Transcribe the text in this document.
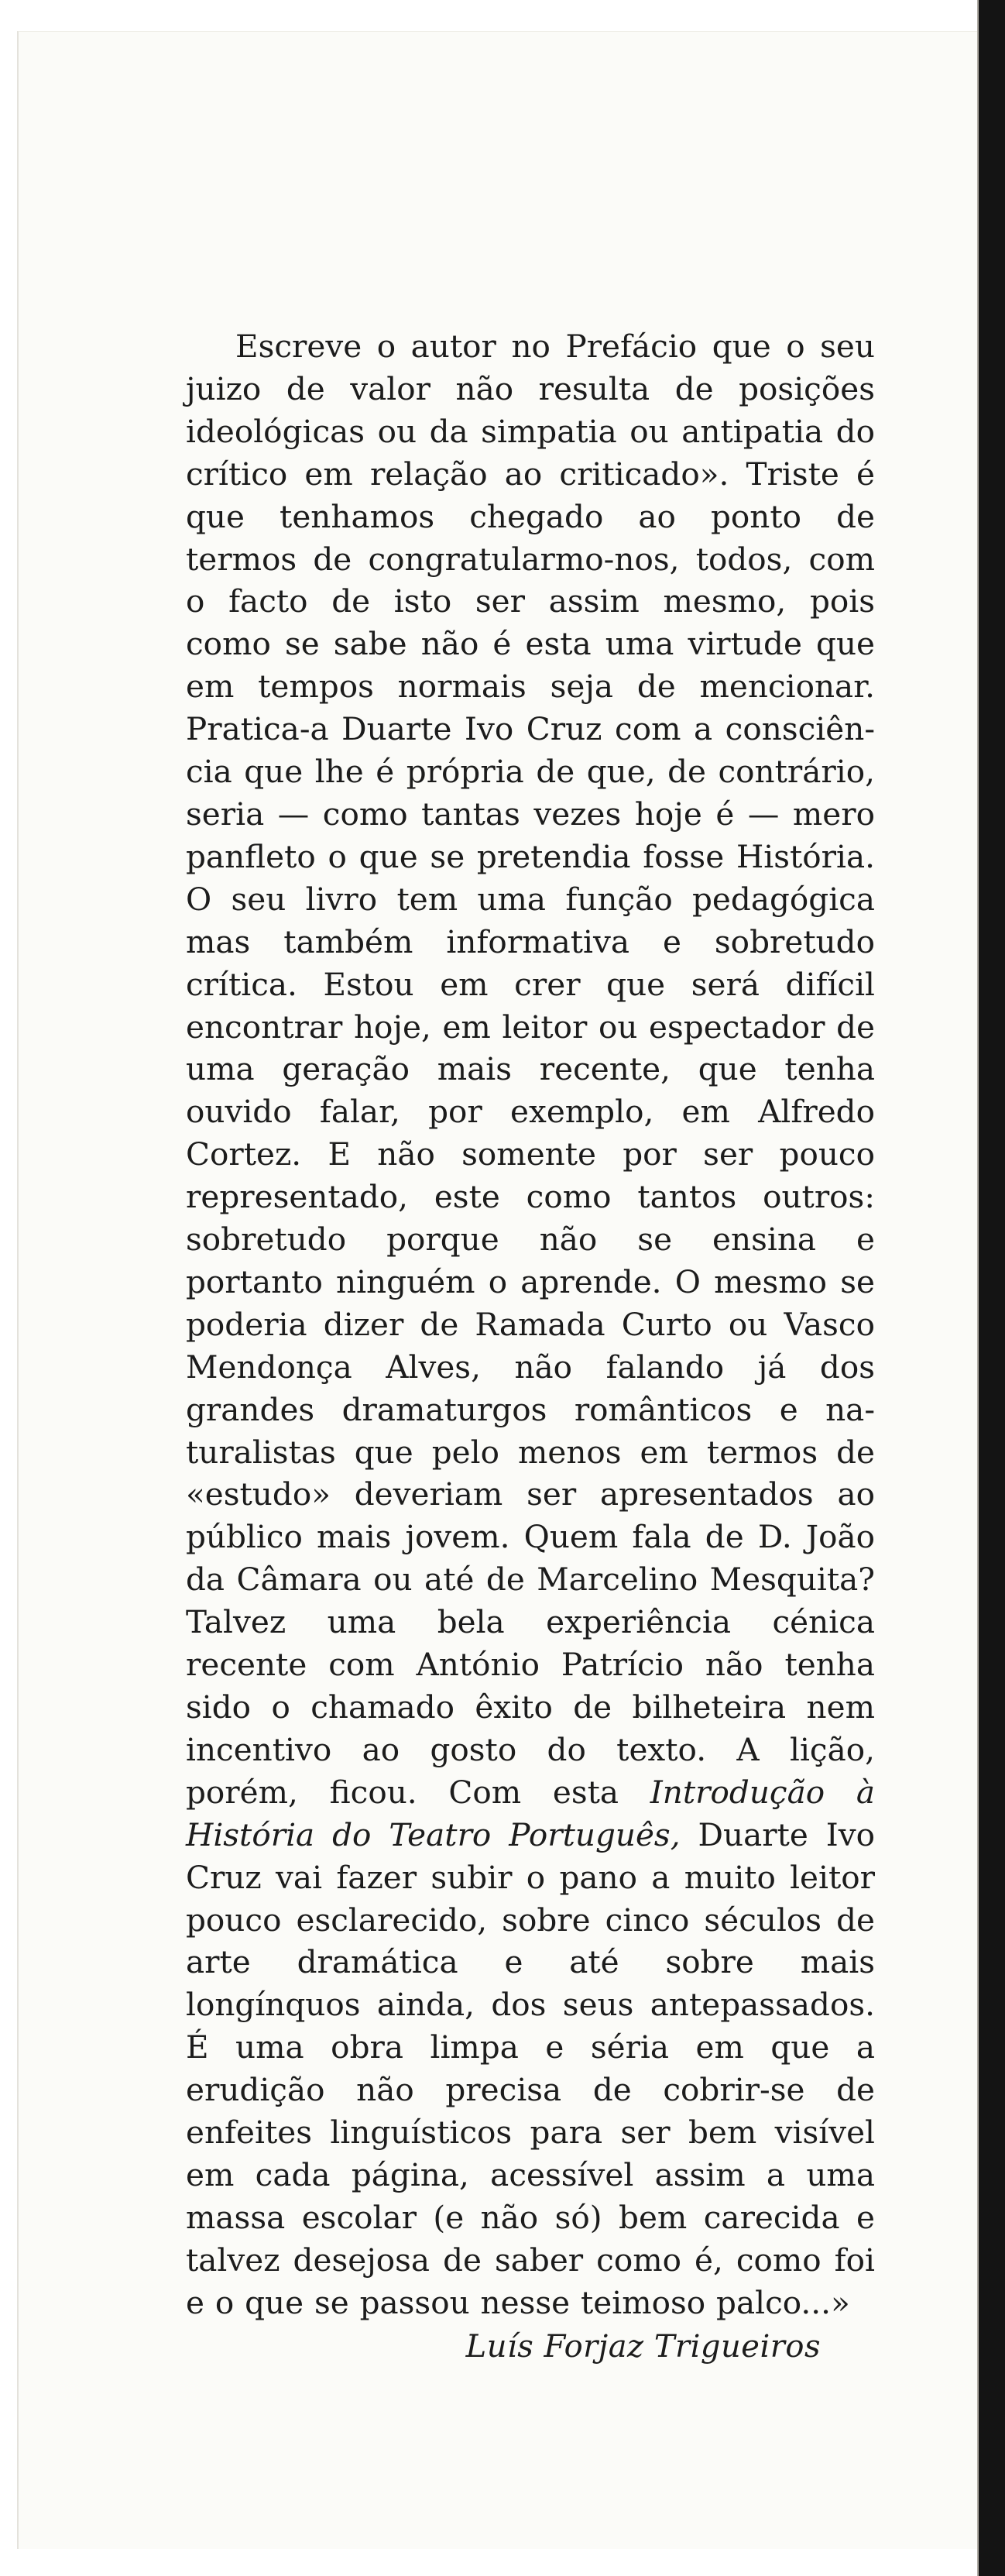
Escreve o autor no Prefácio que o seu juizo de valor não resulta de posições ideológicas ou da simpatia ou antipatia do crítico em relação ao criticado». Triste é que tenhamos chegado ao ponto de termos de congratularmo-nos, todos, com o facto de isto ser assim mesmo, pois como se sabe não é esta uma virtude que em tempos normais seja de mencionar. Pratica-a Duarte Ivo Cruz com a consciência que lhe é própria de que, de contrário, seria — como tantas vezes hoje é — mero panfleto o que se pretendia fosse História. O seu livro tem uma função pedagógica mas também informativa e sobretudo crítica. Estou em crer que será difícil encontrar hoje, em leitor ou espectador de uma geração mais recente, que tenha ouvido falar, por exemplo, em Alfredo Cortez. E não somente por ser pouco representado, este como tantos outros: sobretudo porque não se ensina e portanto ninguém o aprende. O mesmo se poderia dizer de Ramada Curto ou Vasco Mendonça Alves, não falando já dos grandes dramaturgos românticos e naturalistas que pelo menos em termos de «estudo» deveriam ser apresentados ao público mais jovem. Quem fala de D. João da Câmara ou até de Marcelino Mesquita? Talvez uma bela experiência cénica recente com António Patrício não tenha sido o chamado êxito de bilheteira nem incentivo ao gosto do texto. A lição, porém, ficou. Com esta Introdução à História do Teatro Português, Duarte Ivo Cruz vai fazer subir o pano a muito leitor pouco esclarecido, sobre cinco séculos de arte dramática e até sobre mais longínquos ainda, dos seus antepassados. É uma obra limpa e séria em que a erudição não precisa de cobrir-se de enfeites linguísticos para ser bem visível em cada página, acessível assim a uma massa escolar (e não só) bem carecida e talvez desejosa de saber como é, como foi e o que se passou nesse teimoso palco...»

Luís Forjaz Trigueiros
